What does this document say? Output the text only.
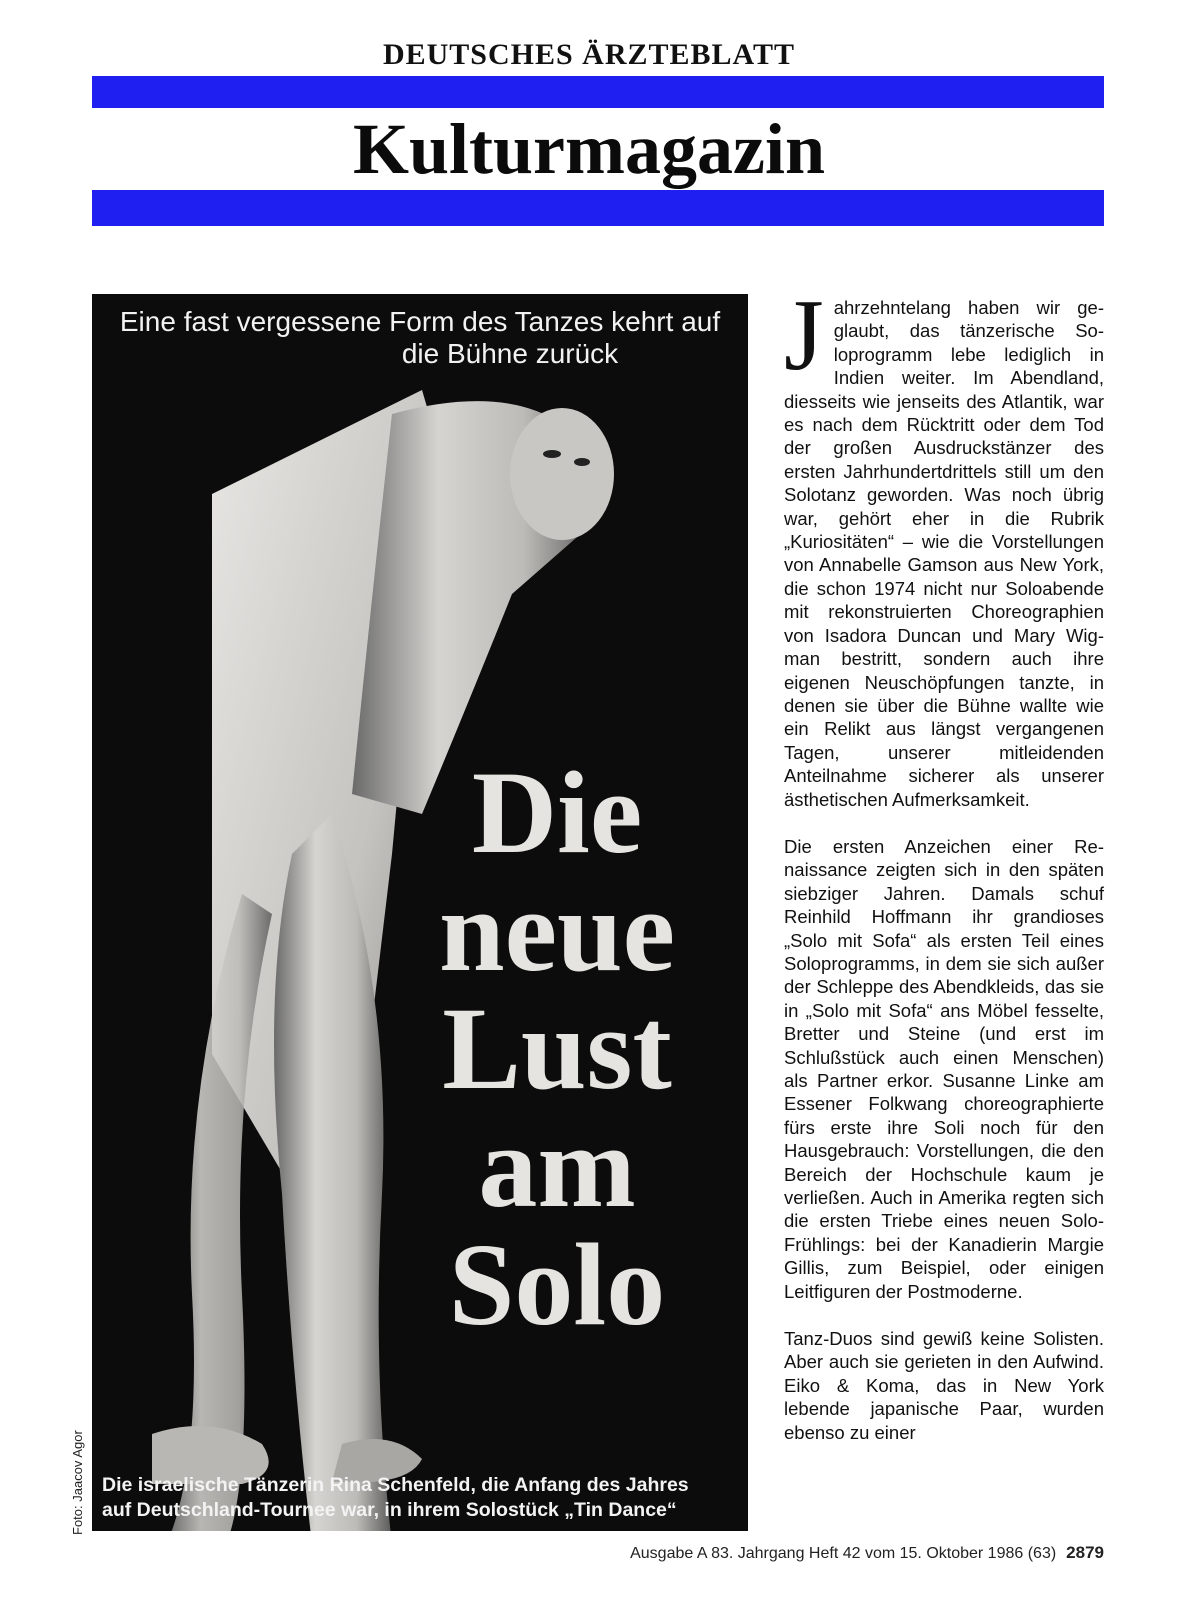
DEUTSCHES ÄRZTEBLATT
Kulturmagazin
Eine fast vergessene Form des Tanzes kehrt auf
die Bühne zurück
Die
neue
Lust
am
Solo
Die israelische Tänzerin Rina Schenfeld, die Anfang des Jahres
auf Deutschland-Tournee war, in ihrem Solostück „Tin Dance“
Foto: Jaacov Agor

Jahrzehntelang haben wir geglaubt, das tänzerische Soloprogramm lebe lediglich in Indien weiter. Im Abendland, diesseits wie jenseits des Atlantik, war es nach dem Rücktritt oder dem Tod der großen Ausdruckstänzer des ersten Jahrhundertdrittels still um den Solotanz geworden. Was noch übrig war, gehört eher in die Rubrik „Kuriositäten“ – wie die Vorstellungen von Annabelle Gamson aus New York, die schon 1974 nicht nur Soloabende mit rekonstruierten Choreographien von Isadora Duncan und Mary Wigman bestritt, sondern auch ihre eigenen Neuschöpfungen tanzte, in denen sie über die Bühne wallte wie ein Relikt aus längst vergangenen Tagen, unserer mitleidenden Anteilnahme sicherer als unserer ästhetischen Aufmerksamkeit.

Die ersten Anzeichen einer Renaissance zeigten sich in den späten siebziger Jahren. Damals schuf Reinhild Hoffmann ihr grandioses „Solo mit Sofa“ als ersten Teil eines Soloprogramms, in dem sie sich außer der Schleppe des Abendkleids, das sie in „Solo mit Sofa“ ans Möbel fesselte, Bretter und Steine (und erst im Schlußstück auch einen Menschen) als Partner erkor. Susanne Linke am Essener Folkwang choreographierte fürs erste ihre Soli noch für den Hausgebrauch: Vorstellungen, die den Bereich der Hochschule kaum je verließen. Auch in Amerika regten sich die ersten Triebe eines neuen Solo-Frühlings: bei der Kanadierin Margie Gillis, zum Beispiel, oder einigen Leitfiguren der Postmoderne.

Tanz-Duos sind gewiß keine Solisten. Aber auch sie gerieten in den Aufwind. Eiko & Koma, das in New York lebende japanische Paar, wurden ebenso zu einer

Ausgabe A 83. Jahrgang Heft 42 vom 15. Oktober 1986 (63) 2879
